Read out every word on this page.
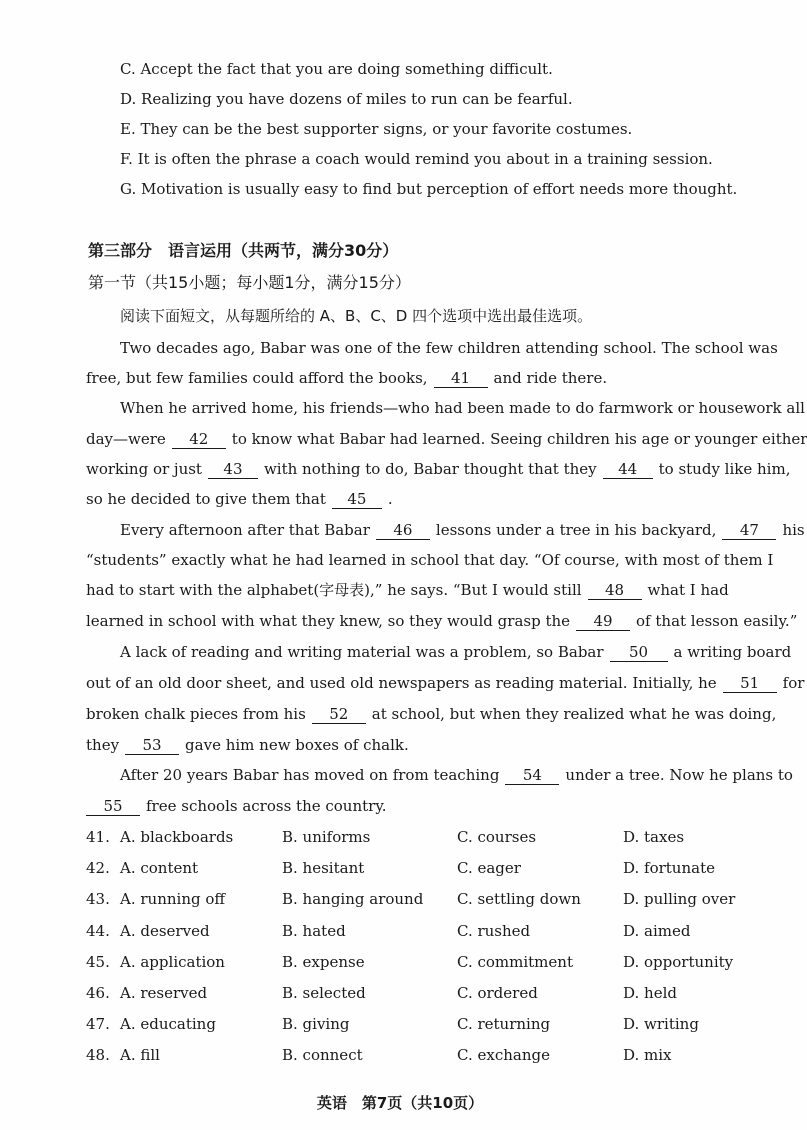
C. Accept the fact that you are doing something difficult.
D. Realizing you have dozens of miles to run can be fearful.
E. They can be the best supporter signs, or your favorite costumes.
F. It is often the phrase a coach would remind you about in a training session.
G. Motivation is usually easy to find but perception of effort needs more thought.
第三部分　语言运用（共两节，满分30分）
第一节（共15小题；每小题1分，满分15分）
阅读下面短文，从每题所给的 A、B、C、D 四个选项中选出最佳选项。
Two decades ago, Babar was one of the few children attending school. The school was
free, but few families could afford the books, 41 and ride there.
When he arrived home, his friends—who had been made to do farmwork or housework all
day—were 42 to know what Babar had learned. Seeing children his age or younger either
working or just 43 with nothing to do, Babar thought that they 44 to study like him,
so he decided to give them that 45 .
Every afternoon after that Babar 46 lessons under a tree in his backyard, 47 his
“students” exactly what he had learned in school that day. “Of course, with most of them I
had to start with the alphabet(字母表),” he says. “But I would still 48 what I had
learned in school with what they knew, so they would grasp the 49 of that lesson easily.”
A lack of reading and writing material was a problem, so Babar 50 a writing board
out of an old door sheet, and used old newspapers as reading material. Initially, he 51 for
broken chalk pieces from his 52 at school, but when they realized what he was doing,
they 53 gave him new boxes of chalk.
After 20 years Babar has moved on from teaching 54 under a tree. Now he plans to
55 free schools across the country.
41. A. blackboards	B. uniforms	C. courses	D. taxes
42. A. content	B. hesitant	C. eager	D. fortunate
43. A. running off	B. hanging around C. settling down	D. pulling over
44. A. deserved	B. hated	C. rushed	D. aimed
45. A. application	B. expense	C. commitment	D. opportunity
46. A. reserved	B. selected	C. ordered	D. held
47. A. educating	B. giving	C. returning	D. writing
48. A. fill	B. connect	C. exchange	D. mix
英语　第7页（共10页）
